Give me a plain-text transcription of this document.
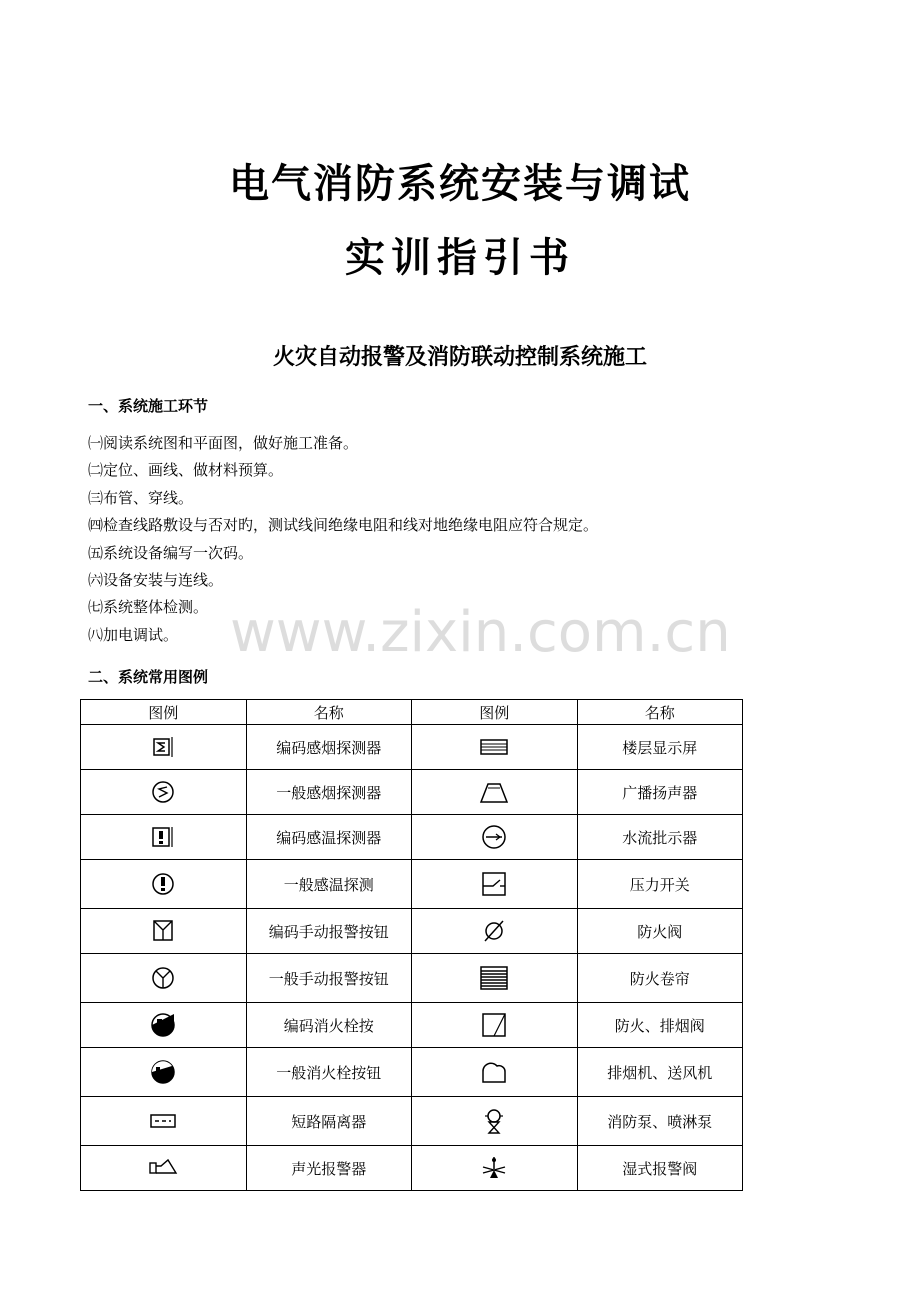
电气消防系统安装与调试
实训指引书
火灾自动报警及消防联动控制系统施工
一、系统施工环节
㈠阅读系统图和平面图，做好施工准备。
㈡定位、画线、做材料预算。
㈢布管、穿线。
㈣检查线路敷设与否对旳，测试线间绝缘电阻和线对地绝缘电阻应符合规定。
㈤系统设备编写一次码。
㈥设备安装与连线。
㈦系统整体检测。
㈧加电调试。 www.zixin.com.cn
二、系统常用图例
图例	名称	图例	名称

	编码感烟探测器		楼层显示屏

	一般感烟探测器		广播扬声器

	编码感温探测器		水流批示器

	一般感温探测		压力开关

	编码手动报警按钮		防火阀

	一般手动报警按钮		防火卷帘

	编码消火栓按		防火、排烟阀

	一般消火栓按钮		排烟机、送风机

	短路隔离器		消防泵、喷淋泵

	声光报警器		湿式报警阀
